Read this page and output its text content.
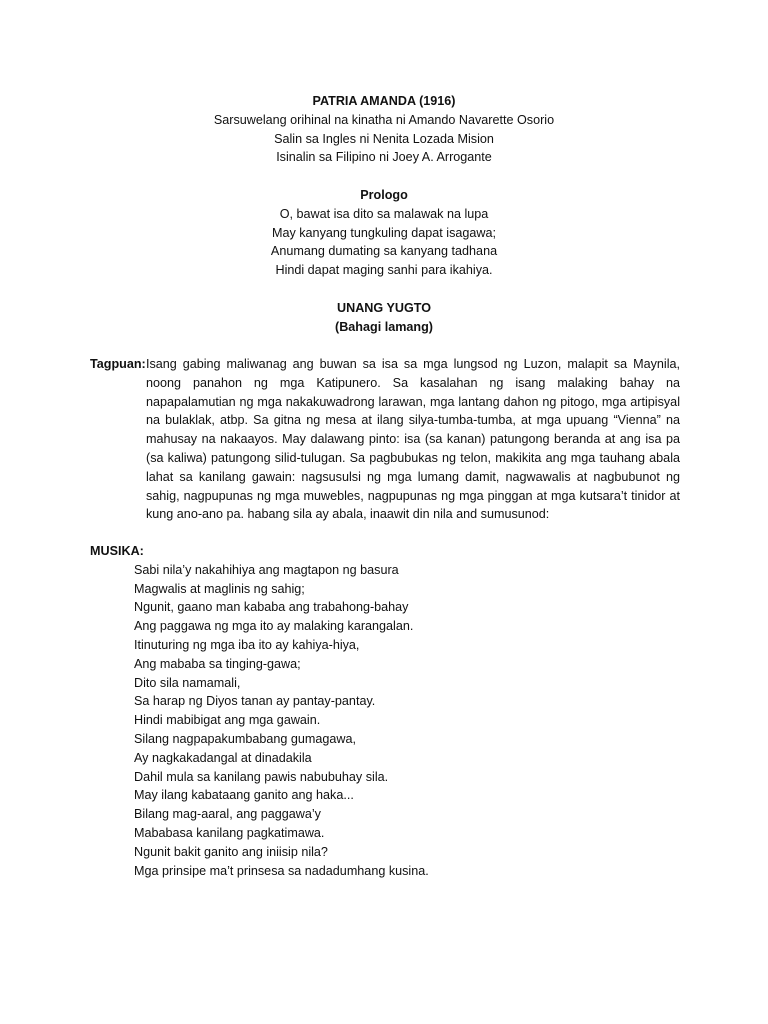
PATRIA AMANDA (1916)

Sarsuwelang orihinal na kinatha ni Amando Navarette Osorio

Salin sa Ingles ni Nenita Lozada Mision

Isinalin sa Filipino ni Joey A. Arrogante

Prologo

O, bawat isa dito sa malawak na lupa

May kanyang tungkuling dapat isagawa;

Anumang dumating sa kanyang tadhana

Hindi dapat maging sanhi para ikahiya.

UNANG YUGTO

(Bahagi lamang)

Tagpuan: Isang gabing maliwanag ang buwan sa isa sa mga lungsod ng Luzon, malapit sa Maynila, noong panahon ng mga Katipunero. Sa kasalahan ng isang malaking bahay na napapalamutian ng mga nakakuwadrong larawan, mga lantang dahon ng pitogo, mga artipisyal na bulaklak, atbp. Sa gitna ng mesa at ilang silya-tumba-tumba, at mga upuang “Vienna” na mahusay na nakaayos. May dalawang pinto: isa (sa kanan) patungong beranda at ang isa pa (sa kaliwa) patungong silid-tulugan. Sa pagbubukas ng telon, makikita ang mga tauhang abala lahat sa kanilang gawain: nagsusulsi ng mga lumang damit, nagwawalis at nagbubunot ng sahig, nagpupunas ng mga muwebles, nagpupunas ng mga pinggan at mga kutsara’t tinidor at kung ano-ano pa. habang sila ay abala, inaawit din nila and sumusunod:

MUSIKA:

Sabi nila’y nakahihiya ang magtapon ng basura
Magwalis at maglinis ng sahig;
Ngunit, gaano man kababa ang trabahong-bahay
Ang paggawa ng mga ito ay malaking karangalan.
Itinuturing ng mga iba ito ay kahiya-hiya,
Ang mababa sa tinging-gawa;
Dito sila namamali,
Sa harap ng Diyos tanan ay pantay-pantay.
Hindi mabibigat ang mga gawain.
Silang nagpapakumbabang gumagawa,
Ay nagkakadangal at dinadakila
Dahil mula sa kanilang pawis nabubuhay sila.
May ilang kabataang ganito ang haka...
Bilang mag-aaral, ang paggawa’y
Mababasa kanilang pagkatimawa.
Ngunit bakit ganito ang iniisip nila?
Mga prinsipe ma’t prinsesa sa nadadumhang kusina.
